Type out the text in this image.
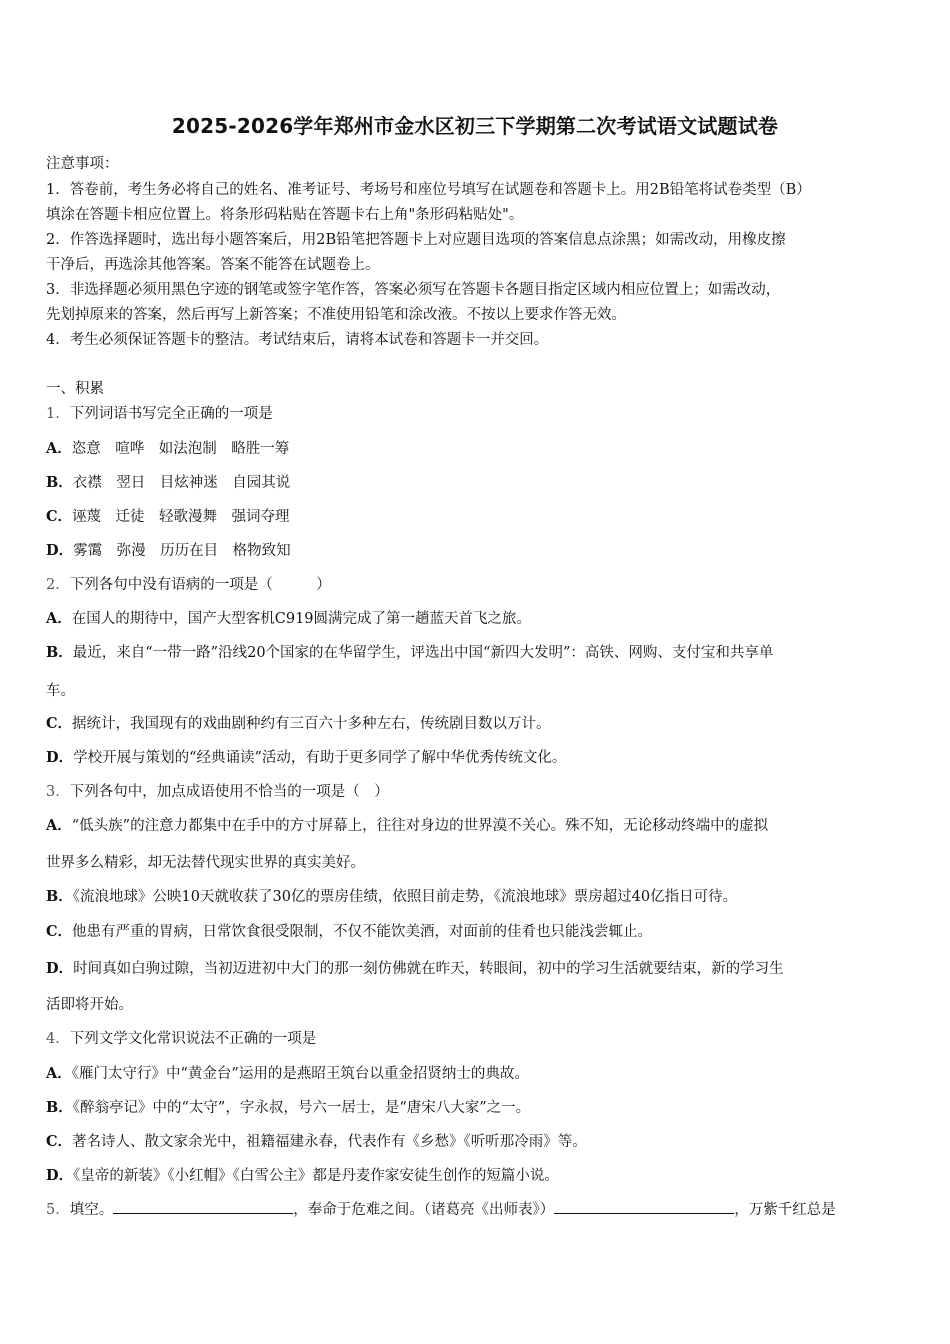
2025-2026学年郑州市金水区初三下学期第二次考试语文试题试卷
注意事项：
1．答卷前，考生务必将自己的姓名、准考证号、考场号和座位号填写在试题卷和答题卡上。用2B铅笔将试卷类型（B）
填涂在答题卡相应位置上。将条形码粘贴在答题卡右上角"条形码粘贴处"。
2．作答选择题时，选出每小题答案后，用2B铅笔把答题卡上对应题目选项的答案信息点涂黑；如需改动，用橡皮擦
干净后，再选涂其他答案。答案不能答在试题卷上。
3．非选择题必须用黑色字迹的钢笔或签字笔作答，答案必须写在答题卡各题目指定区域内相应位置上；如需改动，
先划掉原来的答案，然后再写上新答案；不准使用铅笔和涂改液。不按以上要求作答无效。
4．考生必须保证答题卡的整洁。考试结束后，请将本试卷和答题卡一并交回。
一、积累
1．下列词语书写完全正确的一项是
A．恣意　喧哗　如法泡制　略胜一筹
B．衣襟　翌日　目炫神迷　自园其说
C．诬蔑　迁徒　轻歌漫舞　强词夺理
D．雾霭　弥漫　历历在目　格物致知
2．下列各句中没有语病的一项是（　　　）
A．在国人的期待中，国产大型客机C919圆满完成了第一趟蓝天首飞之旅。
B．最近，来自“一带一路”沿线20个国家的在华留学生，评选出中国“新四大发明”：高铁、网购、支付宝和共享单
车。
C．据统计，我国现有的戏曲剧种约有三百六十多种左右，传统剧目数以万计。
D．学校开展与策划的“经典诵读”活动，有助于更多同学了解中华优秀传统文化。
3．下列各句中，加点成语使用不恰当的一项是（　）
A．“低头族”的注意力都集中在手中的方寸屏幕上，往往对身边的世界漠不关心。殊不知，无论移动终端中的虚拟
世界多么精彩，却无法替代现实世界的真实美好。
B．《流浪地球》公映10天就收获了30亿的票房佳绩，依照目前走势，《流浪地球》票房超过40亿指日可待。
C．他患有严重的胃病，日常饮食很受限制，不仅不能饮美酒，对面前的佳肴也只能浅尝辄止。
D．时间真如白驹过隙，当初迈进初中大门的那一刻仿佛就在昨天，转眼间，初中的学习生活就要结束，新的学习生
活即将开始。
4．下列文学文化常识说法不正确的一项是
A．《雁门太守行》中“黄金台”运用的是燕昭王筑台以重金招贤纳士的典故。
B．《醉翁亭记》中的“太守”，字永叔，号六一居士，是“唐宋八大家”之一。
C．著名诗人、散文家余光中，祖籍福建永春，代表作有《乡愁》《听听那冷雨》等。
D．《皇帝的新装》《小红帽》《白雪公主》都是丹麦作家安徒生创作的短篇小说。
5．填空。	，奉命于危难之间。（诸葛亮《出师表》）	，万紫千红总是
